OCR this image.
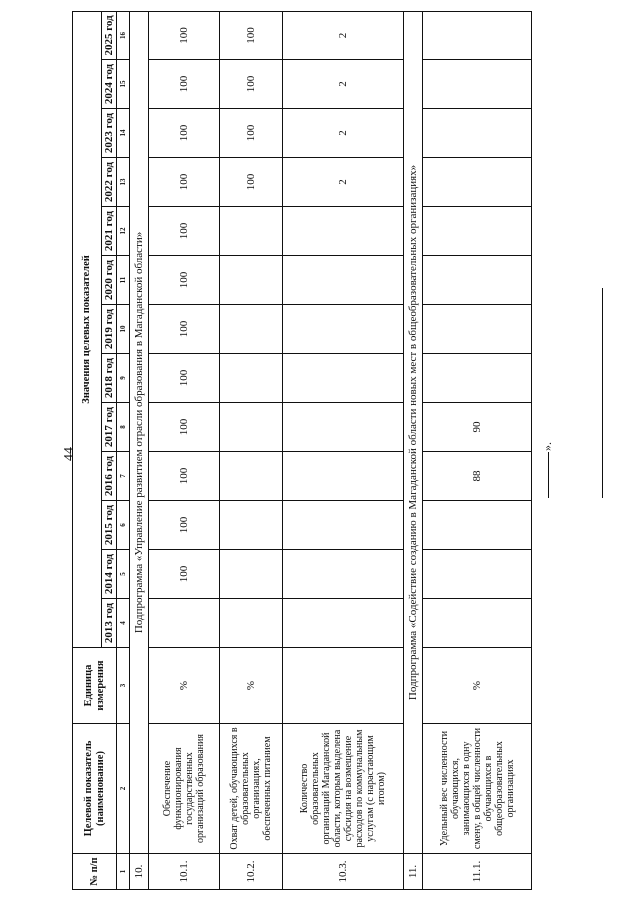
44
№ п/п	Целевой показатель (наименование)	Единица измерения	Значения целевых показателей												
			2013 год	2014 год	2015 год	2016 год	2017 год	2018 год	2019 год	2020 год	2021 год	2022 год	2023 год	2024 год	2025 год
1	2	3	4	5	6	7	8	9	10	11	12	13	14	15	16
10.	Подпрограмма «Управление развитием отрасли образования в Магаданской области»														
10.1.	Обеспечение функционирования государственных организаций образования	%		100	100	100	100	100	100	100	100	100	100	100	100
10.2.	Охват детей, обучающихся в образовательных организациях, обеспеченных питанием	%										100	100	100	100
10.3.	Количество образовательных организаций Магаданской области, которым выделена субсидия на возмещение расходов по коммунальным услугам (с нарастающим итогом)											2	2	2	2
11.	Подпрограмма «Содействие созданию в Магаданской области новых мест в общеобразовательных организациях»														
11.1.	Удельный вес численности обучающихся, занимающихся в одну смену, в общей численности обучающихся в общеобразовательных организациях	%				88	90								
».
